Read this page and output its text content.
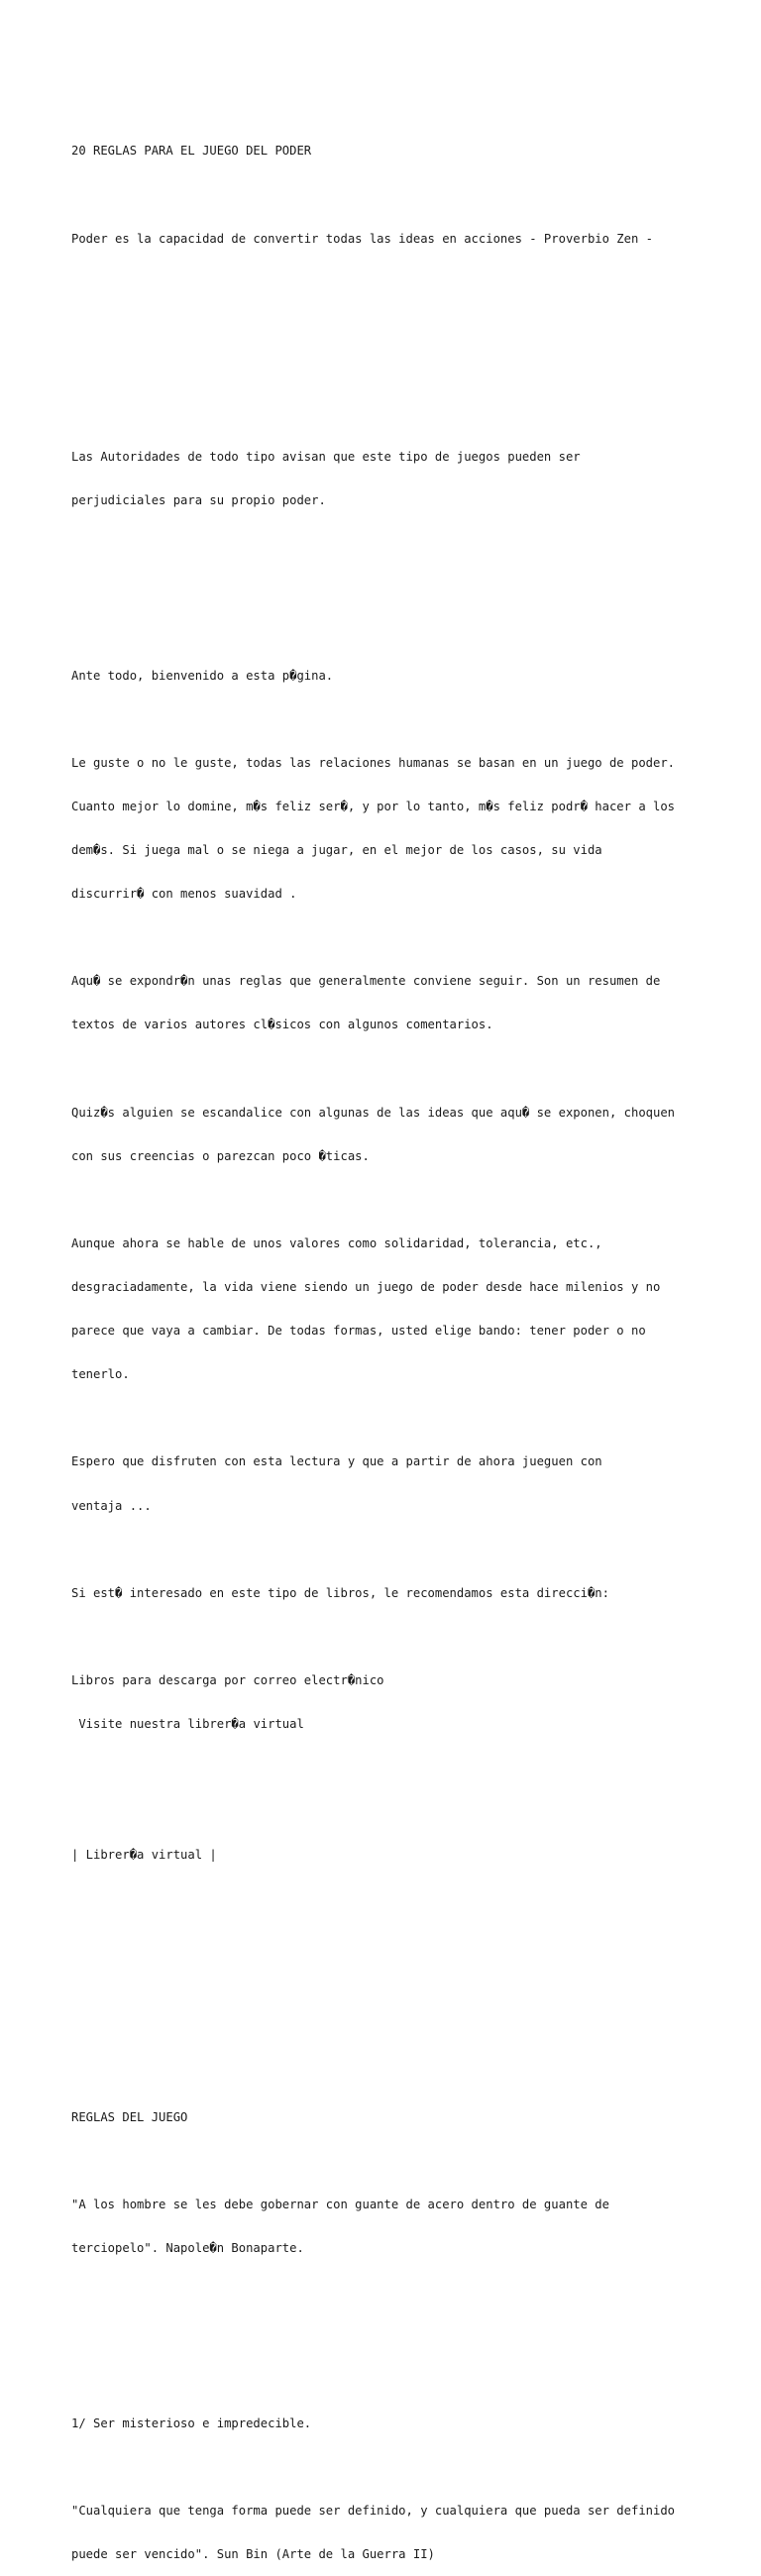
20 REGLAS PARA EL JUEGO DEL PODER

Poder es la capacidad de convertir todas las ideas en acciones - Proverbio Zen -

Las Autoridades de todo tipo avisan que este tipo de juegos pueden ser

perjudiciales para su propio poder.

Ante todo, bienvenido a esta p�gina.

Le guste o no le guste, todas las relaciones humanas se basan en un juego de poder.

Cuanto mejor lo domine, m�s feliz ser�, y por lo tanto, m�s feliz podr� hacer a los

dem�s. Si juega mal o se niega a jugar, en el mejor de los casos, su vida

discurrir� con menos suavidad .

Aqu� se expondr�n unas reglas que generalmente conviene seguir. Son un resumen de

textos de varios autores cl�sicos con algunos comentarios.

Quiz�s alguien se escandalice con algunas de las ideas que aqu� se exponen, choquen

con sus creencias o parezcan poco �ticas.

Aunque ahora se hable de unos valores como solidaridad, tolerancia, etc.,

desgraciadamente, la vida viene siendo un juego de poder desde hace milenios y no

parece que vaya a cambiar. De todas formas, usted elige bando: tener poder o no

tenerlo.

Espero que disfruten con esta lectura y que a partir de ahora jueguen con

ventaja ...

Si est� interesado en este tipo de libros, le recomendamos esta direcci�n:

Libros para descarga por correo electr�nico

Visite nuestra librer�a virtual

| Librer�a virtual |

REGLAS DEL JUEGO

"A los hombre se les debe gobernar con guante de acero dentro de guante de

terciopelo". Napole�n Bonaparte.

1/ Ser misterioso e impredecible.

"Cualquiera que tenga forma puede ser definido, y cualquiera que pueda ser definido

puede ser vencido". Sun Bin (Arte de la Guerra II)
